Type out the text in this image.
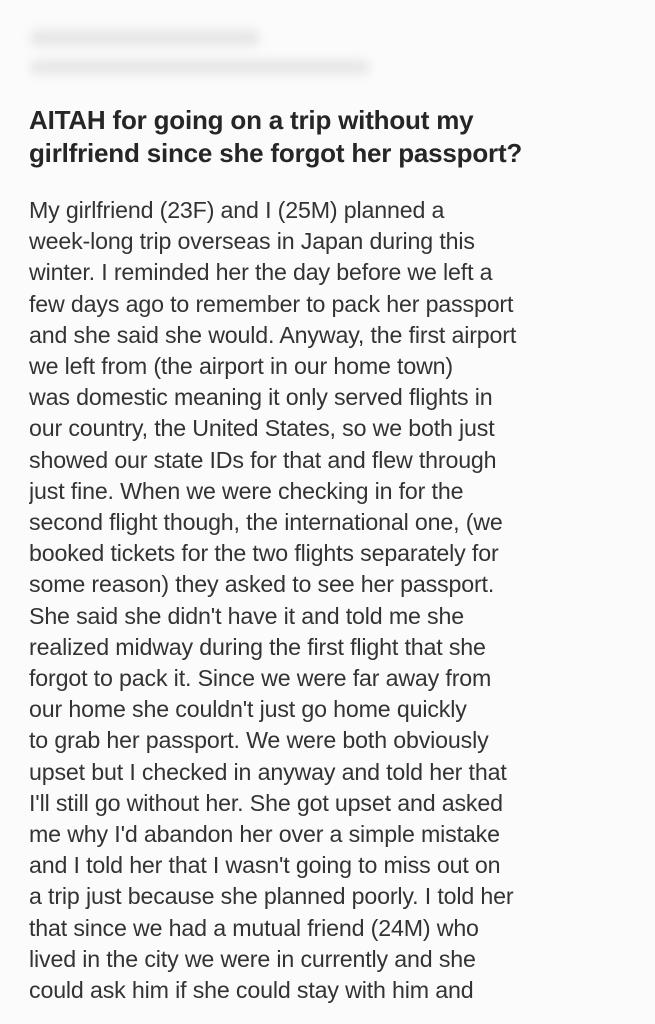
AITAH for going on a trip without my
girlfriend since she forgot her passport?
My girlfriend (23F) and I (25M) planned a
week-long trip overseas in Japan during this
winter. I reminded her the day before we left a
few days ago to remember to pack her passport
and she said she would. Anyway, the first airport
we left from (the airport in our home town)
was domestic meaning it only served flights in
our country, the United States, so we both just
showed our state IDs for that and flew through
just fine. When we were checking in for the
second flight though, the international one, (we
booked tickets for the two flights separately for
some reason) they asked to see her passport.
She said she didn't have it and told me she
realized midway during the first flight that she
forgot to pack it. Since we were far away from
our home she couldn't just go home quickly
to grab her passport. We were both obviously
upset but I checked in anyway and told her that
I'll still go without her. She got upset and asked
me why I'd abandon her over a simple mistake
and I told her that I wasn't going to miss out on
a trip just because she planned poorly. I told her
that since we had a mutual friend (24M) who
lived in the city we were in currently and she
could ask him if she could stay with him and
